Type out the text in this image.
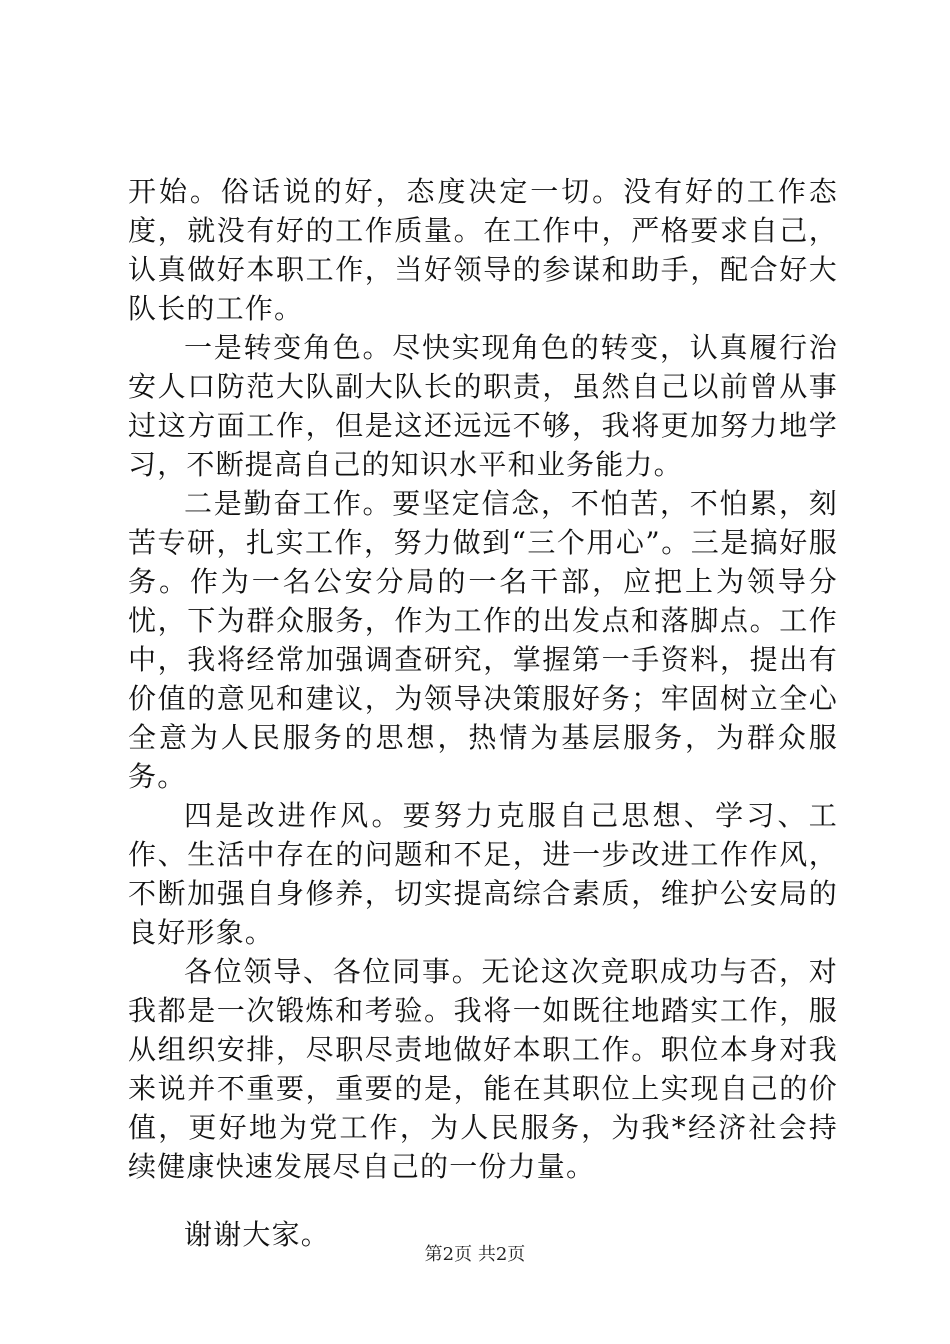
开始。俗话说的好，态度决定一切。没有好的工作态度，就没有好的工作质量。在工作中，严格要求自己，认真做好本职工作，当好领导的参谋和助手，配合好大队长的工作。

一是转变角色。尽快实现角色的转变，认真履行治安人口防范大队副大队长的职责，虽然自己以前曾从事过这方面工作，但是这还远远不够，我将更加努力地学习，不断提高自己的知识水平和业务能力。

二是勤奋工作。要坚定信念，不怕苦，不怕累，刻苦专研，扎实工作，努力做到“三个用心”。三是搞好服务。作为一名公安分局的一名干部，应把上为领导分忧，下为群众服务，作为工作的出发点和落脚点。工作中，我将经常加强调查研究，掌握第一手资料，提出有价值的意见和建议，为领导决策服好务；牢固树立全心全意为人民服务的思想，热情为基层服务，为群众服务。

四是改进作风。要努力克服自己思想、学习、工作、生活中存在的问题和不足，进一步改进工作作风，不断加强自身修养，切实提高综合素质，维护公安局的良好形象。

各位领导、各位同事。无论这次竞职成功与否，对我都是一次锻炼和考验。我将一如既往地踏实工作，服从组织安排，尽职尽责地做好本职工作。职位本身对我来说并不重要，重要的是，能在其职位上实现自己的价值，更好地为党工作，为人民服务，为我*经济社会持续健康快速发展尽自己的一份力量。

谢谢大家。

第2页 共2页
